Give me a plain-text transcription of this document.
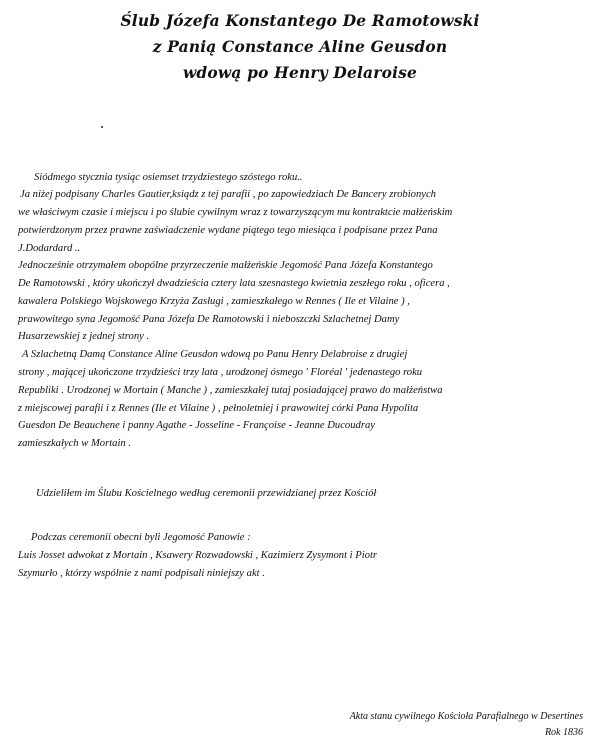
Ślub Józefa Konstantego De Ramotowski
z Panią Constance Aline Geusdon
wdową po Henry Delaroise
Siódmego stycznia tysiąc osiemset trzydziestego szóstego roku..
Ja niżej podpisany Charles Gautier,ksiądz z tej parafii , po zapowiedziach De Bancery zrobionych
we właściwym czasie i miejscu i po ślubie cywilnym wraz z towarzyszącym mu kontraktcie małżeńskim
potwierdzonym przez prawne zaświadczenie wydane piątego tego miesiąca i podpisane przez Pana
J.Dodardard ..
Jednocześnie otrzymałem obopólne przyrzeczenie małżeńskie Jegomość Pana Józefa Konstantego
De Ramotowski , który ukończył dwadzieścia cztery lata szesnastego kwietnia zeszłego roku , oficera ,
kawalera Polskiego Wojskowego Krzyża Zasługi , zamieszkałego w Rennes ( Ile et Vilaine ) ,
prawowitego syna Jegomość Pana Józefa De Ramotowski i nieboszczki Szlachetnej Damy
Husarzewskiej z jednej strony .
A Szlachetną Damą Constance Aline Geusdon wdową po Panu Henry Delabroise z drugiej
strony , mającej ukończone trzydzieści trzy lata , urodzonej ósmego ' Floréal ' jedenastego roku
Republiki . Urodzonej w Mortain ( Manche ) , zamieszkałej tutaj posiadającej prawo do małżeństwa
z miejscowej parafii i z Rennes (Ile et Vilaine ) , pełnoletniej i prawowitej córki Pana Hypolita
Guesdon De Beauchene i panny Agathe - Josseline - Françoise - Jeanne Ducoudray
zamieszkałych w Mortain .
Udzieliłem im Ślubu Kościelnego według ceremonii przewidzianej przez Kościół
Podczas ceremonii obecni byli Jegomość Panowie :
Luis Josset adwokat z Mortain , Ksawery Rozwadowski , Kazimierz Zysymont i Piotr
Szymurło , którzy wspólnie z nami podpisali niniejszy akt .
Akta stanu cywilnego Kościoła Parafialnego w Desertines
Rok 1836
